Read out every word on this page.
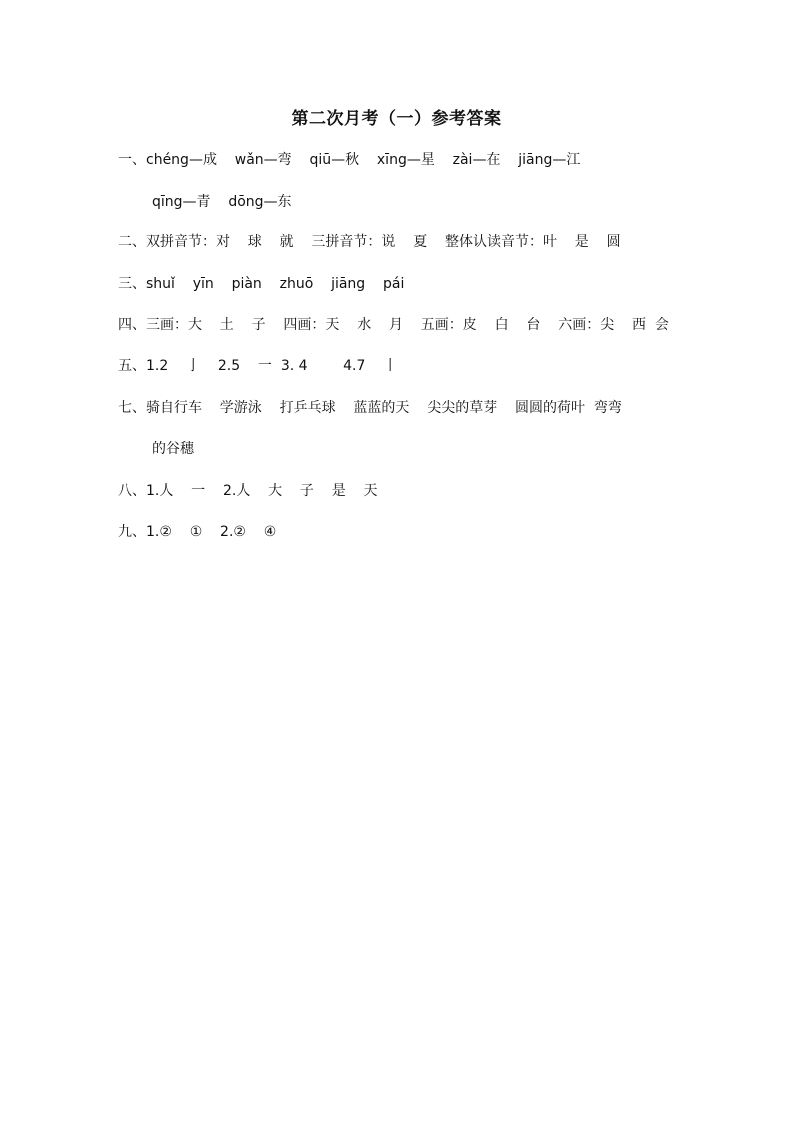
第二次月考（一）参考答案
一、chéng—成    wǎn—弯    qiū—秋    xīng—星    zài—在    jiāng—江
qīng—青    dōng—东
二、双拼音节：对    球    就    三拼音节：说    夏    整体认读音节：叶    是    圆
三、shuǐ    yīn    piàn    zhuō    jiāng    pái
四、三画：大    土    子    四画：天    水    月    五画：皮    白    台    六画：尖    西  会
五、1.2    亅    2.5    一  3. 4        4.7    丨
七、骑自行车    学游泳    打乒乓球    蓝蓝的天    尖尖的草芽    圆圆的荷叶  弯弯
的谷穗
八、1.人    一    2.人    大    子    是    天
九、1.②    ①    2.②    ④
